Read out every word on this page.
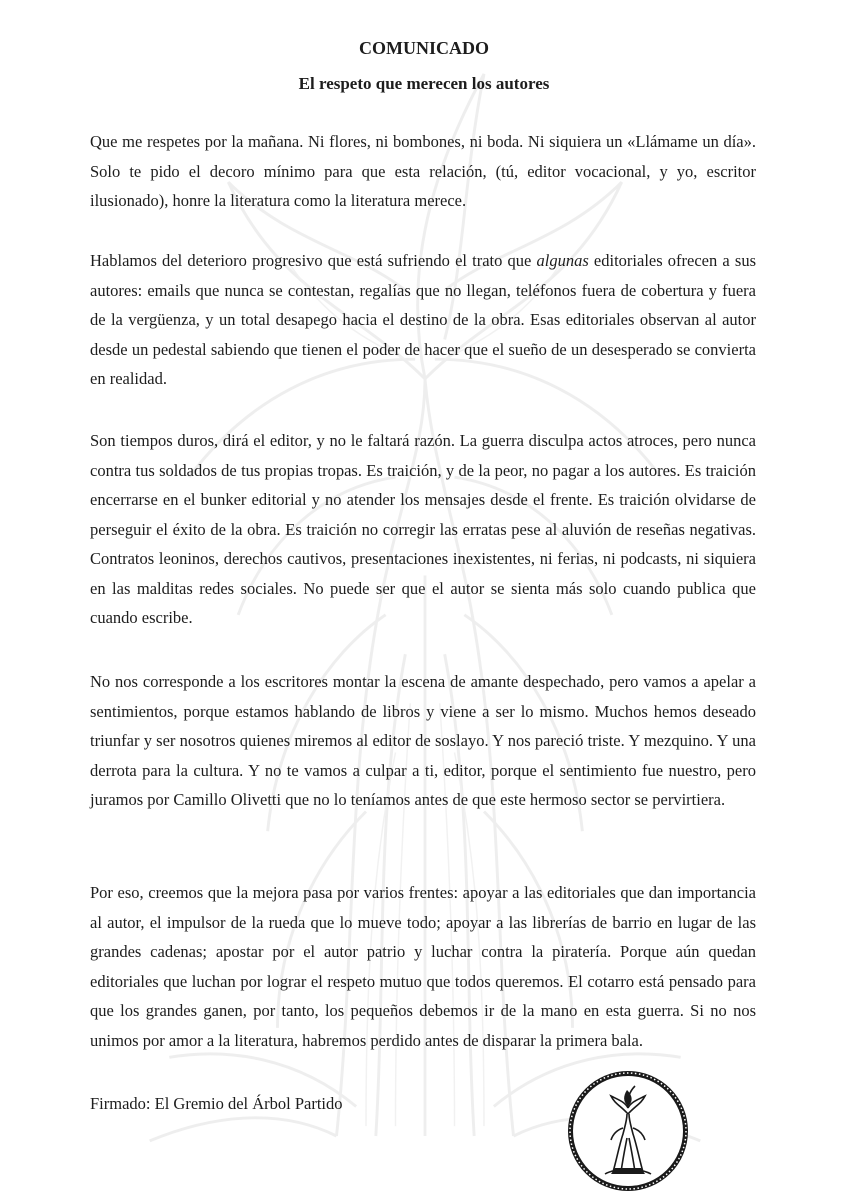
COMUNICADO
El respeto que merecen los autores
Que me respetes por la mañana. Ni flores, ni bombones, ni boda. Ni siquiera un «Llámame un día». Solo te pido el decoro mínimo para que esta relación, (tú, editor vocacional, y yo, escritor ilusionado), honre la literatura como la literatura merece.
Hablamos del deterioro progresivo que está sufriendo el trato que algunas editoriales ofrecen a sus autores: emails que nunca se contestan, regalías que no llegan, teléfonos fuera de cobertura y fuera de la vergüenza, y un total desapego hacia el destino de la obra. Esas editoriales observan al autor desde un pedestal sabiendo que tienen el poder de hacer que el sueño de un desesperado se convierta en realidad.
Son tiempos duros, dirá el editor, y no le faltará razón. La guerra disculpa actos atroces, pero nunca contra tus soldados de tus propias tropas. Es traición, y de la peor, no pagar a los autores. Es traición encerrarse en el bunker editorial y no atender los mensajes desde el frente. Es traición olvidarse de perseguir el éxito de la obra. Es traición no corregir las erratas pese al aluvión de reseñas negativas. Contratos leoninos, derechos cautivos, presentaciones inexistentes, ni ferias, ni podcasts, ni siquiera en las malditas redes sociales. No puede ser que el autor se sienta más solo cuando publica que cuando escribe.
No nos corresponde a los escritores montar la escena de amante despechado, pero vamos a apelar a sentimientos, porque estamos hablando de libros y viene a ser lo mismo. Muchos hemos deseado triunfar y ser nosotros quienes miremos al editor de soslayo. Y nos pareció triste. Y mezquino. Y una derrota para la cultura. Y no te vamos a culpar a ti, editor, porque el sentimiento fue nuestro, pero juramos por Camillo Olivetti que no lo teníamos antes de que este hermoso sector se pervirtiera.
Por eso, creemos que la mejora pasa por varios frentes: apoyar a las editoriales que dan importancia al autor, el impulsor de la rueda que lo mueve todo; apoyar a las librerías de barrio en lugar de las grandes cadenas; apostar por el autor patrio y luchar contra la piratería. Porque aún quedan editoriales que luchan por lograr el respeto mutuo que todos queremos. El cotarro está pensado para que los grandes ganen, por tanto, los pequeños debemos ir de la mano en esta guerra. Si no nos unimos por amor a la literatura, habremos perdido antes de disparar la primera bala.
Firmado: El Gremio del Árbol Partido
